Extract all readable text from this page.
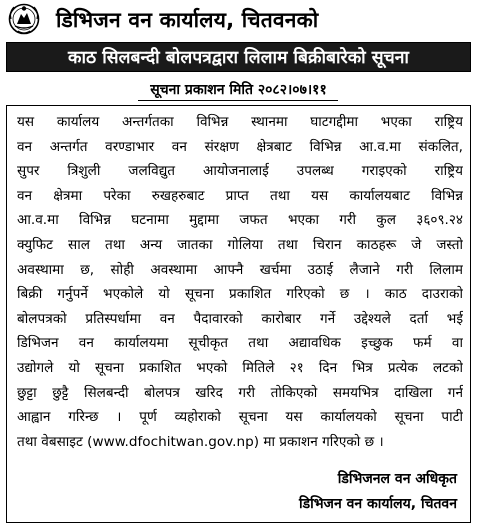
डिभिजन वन कार्यालय, चितवनको
काठ सिलबन्दी बोलपत्रद्वारा लिलाम बिक्रीबारेको सूचना
सूचना प्रकाशन मिति २०८२।०७।११
यस कार्यालय अन्तर्गतका विभिन्न स्थानमा घाटगद्दीमा भएका राष्ट्रिय
वन अन्तर्गत वरण्डाभार वन संरक्षण क्षेत्रबाट विभिन्न आ.व.मा संकलित,
सुपर त्रिशुली जलविद्युत आयोजनालाई उपलब्ध गराइएको राष्ट्रिय
वन क्षेत्रमा परेका रुखहरुबाट प्राप्त तथा यस कार्यालयबाट विभिन्न
आ.व.मा विभिन्न घटनामा मुद्दामा जफत भएका गरी कुल ३६०९.२४
क्युफिट साल तथा अन्य जातका गोलिया तथा चिरान काठहरू जे जस्तो
अवस्थामा छ, सोही अवस्थामा आफ्नै खर्चमा उठाई लैजाने गरी लिलाम
बिक्री गर्नुपर्ने भएकोले यो सूचना प्रकाशित गरिएको छ । काठ दाउराको
बोलपत्रको प्रतिस्पर्धामा वन पैदावारको कारोबार गर्ने उद्देश्यले दर्ता भई
डिभिजन वन कार्यालयमा सूचीकृत तथा अद्यावधिक इच्छुक फर्म वा
उद्योगले यो सूचना प्रकाशित भएको मितिले २१ दिन भित्र प्रत्येक लटको
छुट्टा छुट्टै सिलबन्दी बोलपत्र खरिद गरी तोकिएको समयभित्र दाखिला गर्न
आह्वान गरिन्छ । पूर्ण व्यहोराको सूचना यस कार्यालयको सूचना पाटी
तथा वेबसाइट (www.dfochitwan.gov.np) मा प्रकाशन गरिएको छ ।
डिभिजनल वन अधिकृत
डिभिजन वन कार्यालय, चितवन
